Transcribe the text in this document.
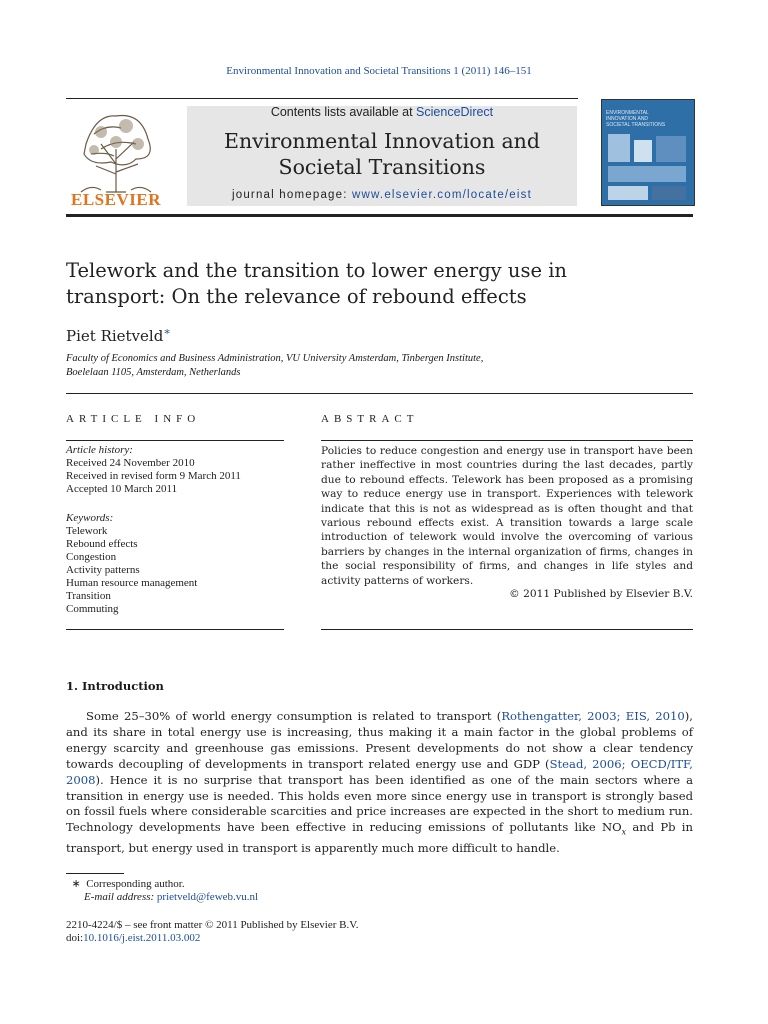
Environmental Innovation and Societal Transitions 1 (2011) 146–151
ELSEVIER
Contents lists available at ScienceDirect
Environmental Innovation and
Societal Transitions
journal homepage: www.elsevier.com/locate/eist
ENVIRONMENTAL
INNOVATION AND
SOCIETAL TRANSITIONS
Telework and the transition to lower energy use in
transport: On the relevance of rebound effects
Piet Rietveld∗
Faculty of Economics and Business Administration, VU University Amsterdam, Tinbergen Institute,
Boelelaan 1105, Amsterdam, Netherlands
ARTICLE INFO
Article history:
Received 24 November 2010
Received in revised form 9 March 2011
Accepted 10 March 2011
Keywords:
Telework
Rebound effects
Congestion
Activity patterns
Human resource management
Transition
Commuting
ABSTRACT
Policies to reduce congestion and energy use in transport have been rather ineffective in most countries during the last decades, partly due to rebound effects. Telework has been proposed as a promising way to reduce energy use in transport. Experiences with telework indicate that this is not as widespread as is often thought and that various rebound effects exist. A transition towards a large scale introduction of telework would involve the overcoming of various barriers by changes in the internal organization of firms, changes in the social responsibility of firms, and changes in life styles and activity patterns of workers.
© 2011 Published by Elsevier B.V.
1. Introduction
Some 25–30% of world energy consumption is related to transport (Rothengatter, 2003; EIS, 2010), and its share in total energy use is increasing, thus making it a main factor in the global problems of energy scarcity and greenhouse gas emissions. Present developments do not show a clear tendency towards decoupling of developments in transport related energy use and GDP (Stead, 2006; OECD/ITF, 2008). Hence it is no surprise that transport has been identified as one of the main sectors where a transition in energy use is needed. This holds even more since energy use in transport is strongly based on fossil fuels where considerable scarcities and price increases are expected in the short to medium run. Technology developments have been effective in reducing emissions of pollutants like $NO_x$ and Pb in transport, but energy used in transport is apparently much more difficult to handle.
∗ Corresponding author.
E-mail address: prietveld@feweb.vu.nl
2210-4224/$ – see front matter © 2011 Published by Elsevier B.V.
doi:10.1016/j.eist.2011.03.002
